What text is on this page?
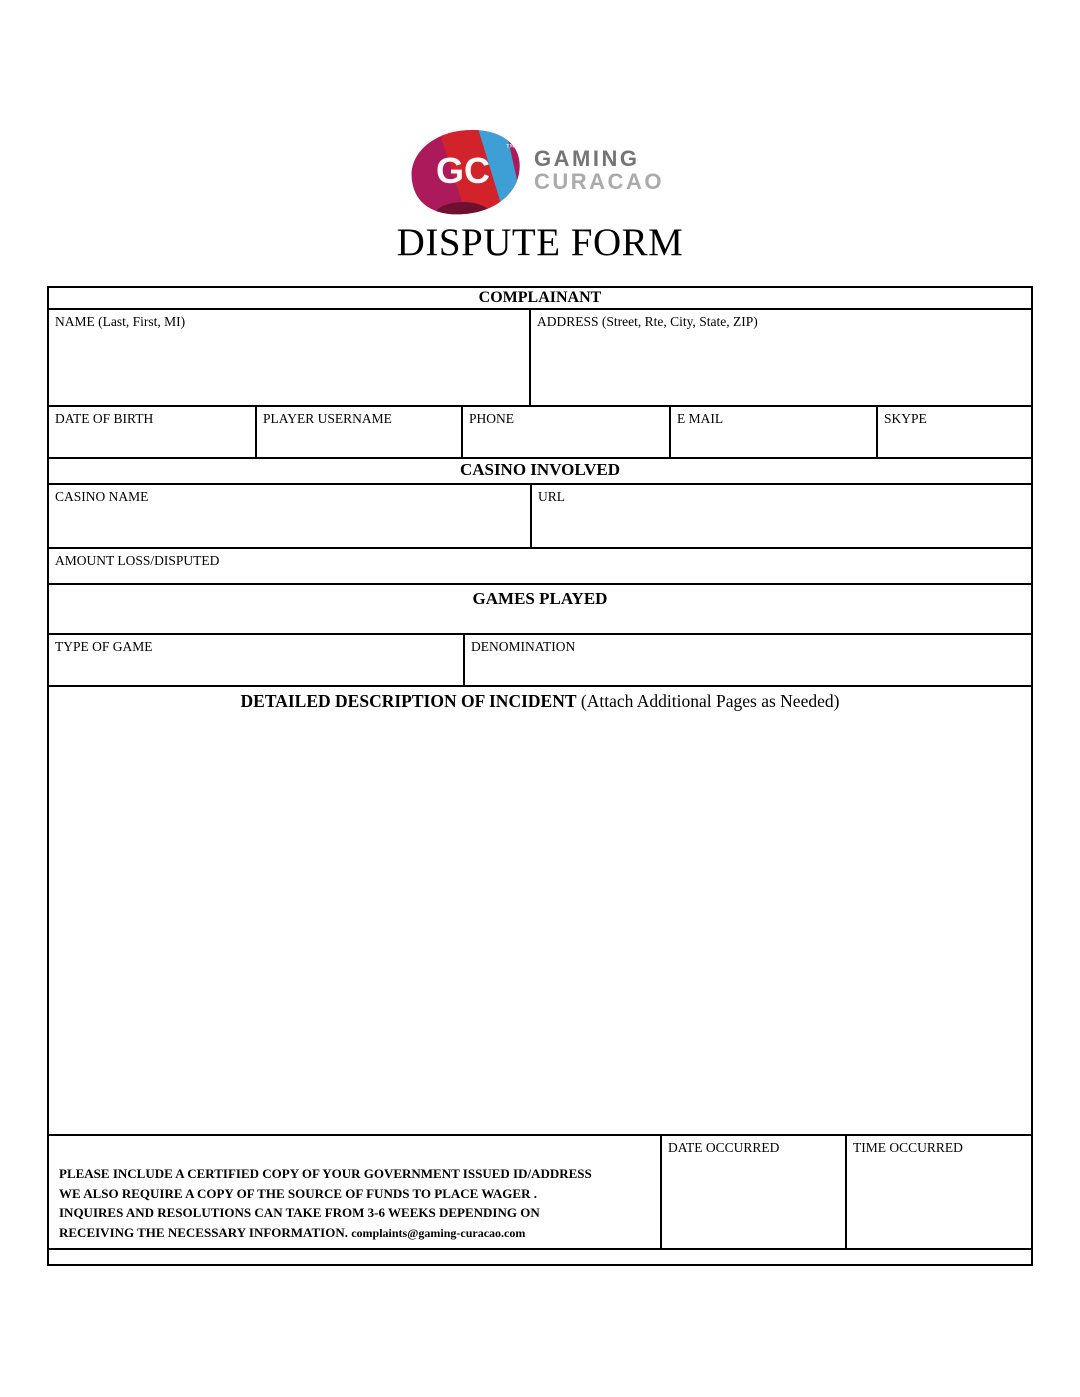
GC
™ GAMING
CURACAO
DISPUTE FORM
COMPLAINANT
NAME (Last, First, MI)	ADDRESS (Street, Rte, City, State, ZIP)
DATE OF BIRTH	PLAYER USERNAME	PHONE	E MAIL	SKYPE
CASINO INVOLVED
CASINO NAME	URL
AMOUNT LOSS/DISPUTED
GAMES PLAYED
TYPE OF GAME	DENOMINATION
DETAILED DESCRIPTION OF INCIDENT (Attach Additional Pages as Needed)
PLEASE INCLUDE A CERTIFIED COPY OF YOUR GOVERNMENT ISSUED ID/ADDRESS
WE ALSO REQUIRE A COPY OF THE SOURCE OF FUNDS TO PLACE WAGER .
INQUIRES AND RESOLUTIONS CAN TAKE FROM 3-6 WEEKS DEPENDING ON
RECEIVING THE NECESSARY INFORMATION. complaints@gaming-curacao.com
DATE OCCURRED	TIME OCCURRED
